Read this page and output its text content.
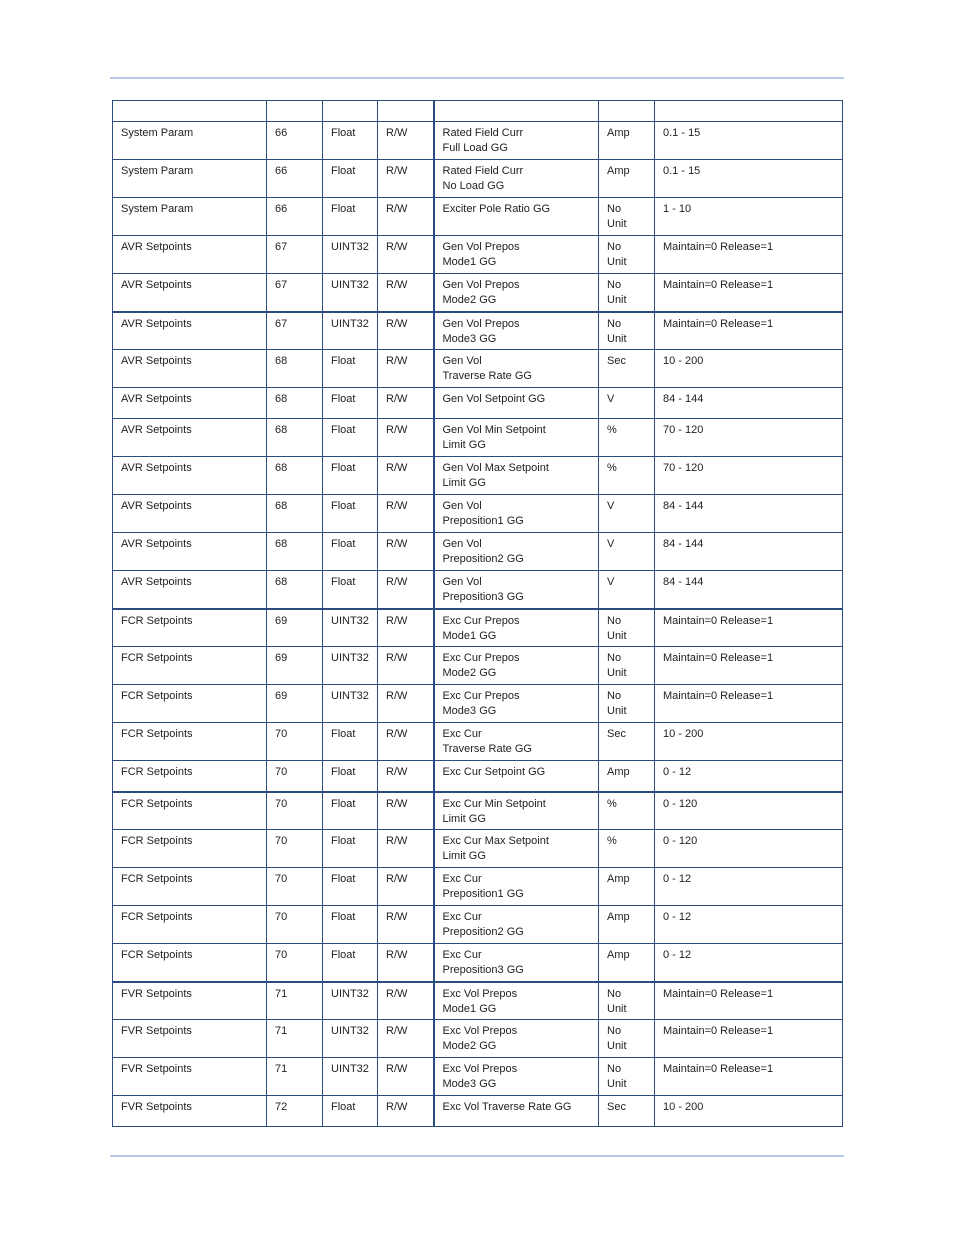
System Param	66	Float	R/W	Rated Field Curr
Full Load GG	Amp	0.1 - 15
System Param	66	Float	R/W	Rated Field Curr
No Load GG	Amp	0.1 - 15
System Param	66	Float	R/W	Exciter Pole Ratio GG	No
Unit	1 - 10
AVR Setpoints	67	UINT32	R/W	Gen Vol Prepos
Mode1 GG	No
Unit	Maintain=0 Release=1
AVR Setpoints	67	UINT32	R/W	Gen Vol Prepos
Mode2 GG	No
Unit	Maintain=0 Release=1
AVR Setpoints	67	UINT32	R/W	Gen Vol Prepos
Mode3 GG	No
Unit	Maintain=0 Release=1
AVR Setpoints	68	Float	R/W	Gen Vol
Traverse Rate GG	Sec	10 - 200
AVR Setpoints	68	Float	R/W	Gen Vol Setpoint GG	V	84 - 144
AVR Setpoints	68	Float	R/W	Gen Vol Min Setpoint
Limit GG	%	70 - 120
AVR Setpoints	68	Float	R/W	Gen Vol Max Setpoint
Limit GG	%	70 - 120
AVR Setpoints	68	Float	R/W	Gen Vol
Preposition1 GG	V	84 - 144
AVR Setpoints	68	Float	R/W	Gen Vol
Preposition2 GG	V	84 - 144
AVR Setpoints	68	Float	R/W	Gen Vol
Preposition3 GG	V	84 - 144
FCR Setpoints	69	UINT32	R/W	Exc Cur Prepos
Mode1 GG	No
Unit	Maintain=0 Release=1
FCR Setpoints	69	UINT32	R/W	Exc Cur Prepos
Mode2 GG	No
Unit	Maintain=0 Release=1
FCR Setpoints	69	UINT32	R/W	Exc Cur Prepos
Mode3 GG	No
Unit	Maintain=0 Release=1
FCR Setpoints	70	Float	R/W	Exc Cur
Traverse Rate GG	Sec	10 - 200
FCR Setpoints	70	Float	R/W	Exc Cur Setpoint GG	Amp	0 - 12
FCR Setpoints	70	Float	R/W	Exc Cur Min Setpoint
Limit GG	%	0 - 120
FCR Setpoints	70	Float	R/W	Exc Cur Max Setpoint
Limit GG	%	0 - 120
FCR Setpoints	70	Float	R/W	Exc Cur
Preposition1 GG	Amp	0 - 12
FCR Setpoints	70	Float	R/W	Exc Cur
Preposition2 GG	Amp	0 - 12
FCR Setpoints	70	Float	R/W	Exc Cur
Preposition3 GG	Amp	0 - 12
FVR Setpoints	71	UINT32	R/W	Exc Vol Prepos
Mode1 GG	No
Unit	Maintain=0 Release=1
FVR Setpoints	71	UINT32	R/W	Exc Vol Prepos
Mode2 GG	No
Unit	Maintain=0 Release=1
FVR Setpoints	71	UINT32	R/W	Exc Vol Prepos
Mode3 GG	No
Unit	Maintain=0 Release=1
FVR Setpoints	72	Float	R/W	Exc Vol Traverse Rate GG	Sec	10 - 200
